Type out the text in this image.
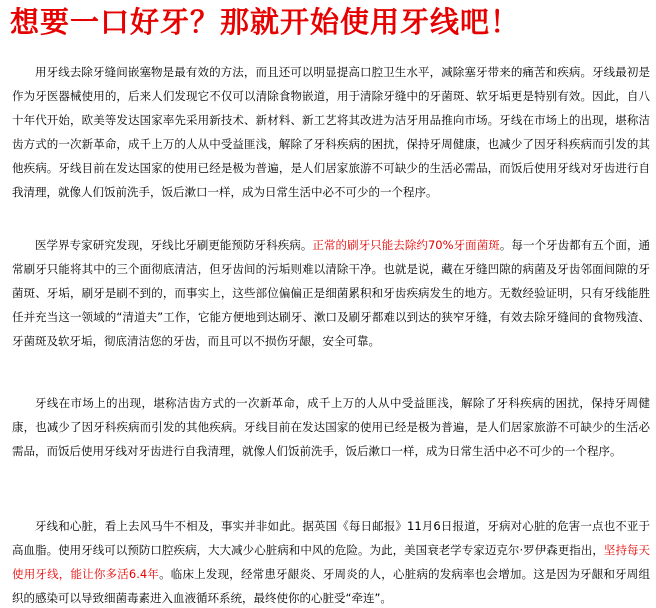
想要一口好牙？那就开始使用牙线吧！

用牙线去除牙缝间嵌塞物是最有效的方法，而且还可以明显提高口腔卫生水平，减除塞牙带来的痛苦和疾病。牙线最初是作为牙医器械使用的，后来人们发现它不仅可以清除食物嵌道，用于清除牙缝中的牙菌斑、软牙垢更是特别有效。因此，自八十年代开始，欧美等发达国家率先采用新技术、新材料、新工艺将其改进为洁牙用品推向市场。牙线在市场上的出现，堪称洁齿方式的一次新革命，成千上万的人从中受益匪浅，解除了牙科疾病的困扰，保持牙周健康，也减少了因牙科疾病而引发的其他疾病。牙线目前在发达国家的使用已经是极为普遍，是人们居家旅游不可缺少的生活必需品，而饭后使用牙线对牙齿进行自我清理，就像人们饭前洗手，饭后漱口一样，成为日常生活中必不可少的一个程序。

医学界专家研究发现，牙线比牙刷更能预防牙科疾病。正常的刷牙只能去除约70%牙面菌斑。每一个牙齿都有五个面，通常刷牙只能将其中的三个面彻底清洁，但牙齿间的污垢则难以清除干净。也就是说，藏在牙缝凹隙的病菌及牙齿邻面间隙的牙菌斑、牙垢，刷牙是刷不到的，而事实上，这些部位偏偏正是细菌累积和牙齿疾病发生的地方。无数经验证明，只有牙线能胜任并充当这一领域的“清道夫”工作，它能方便地到达刷牙、漱口及刷牙都难以到达的狭窄牙缝，有效去除牙缝间的食物残渣、牙菌斑及软牙垢，彻底清洁您的牙齿，而且可以不损伤牙龈，安全可靠。

牙线在市场上的出现，堪称洁齿方式的一次新革命，成千上万的人从中受益匪浅，解除了牙科疾病的困扰，保持牙周健康，也减少了因牙科疾病而引发的其他疾病。牙线目前在发达国家的使用已经是极为普遍，是人们居家旅游不可缺少的生活必需品，而饭后使用牙线对牙齿进行自我清理，就像人们饭前洗手，饭后漱口一样，成为日常生活中必不可少的一个程序。

牙线和心脏，看上去风马牛不相及，事实并非如此。据英国《每日邮报》11月6日报道，牙病对心脏的危害一点也不亚于高血脂。使用牙线可以预防口腔疾病，大大减少心脏病和中风的危险。为此，美国衰老学专家迈克尔·罗伊森更指出，坚持每天使用牙线，能让你多活6.4年。临床上发现，经常患牙龈炎、牙周炎的人，心脏病的发病率也会增加。这是因为牙龈和牙周组织的感染可以导致细菌毒素进入血液循环系统，最终使你的心脏受“牵连”。
